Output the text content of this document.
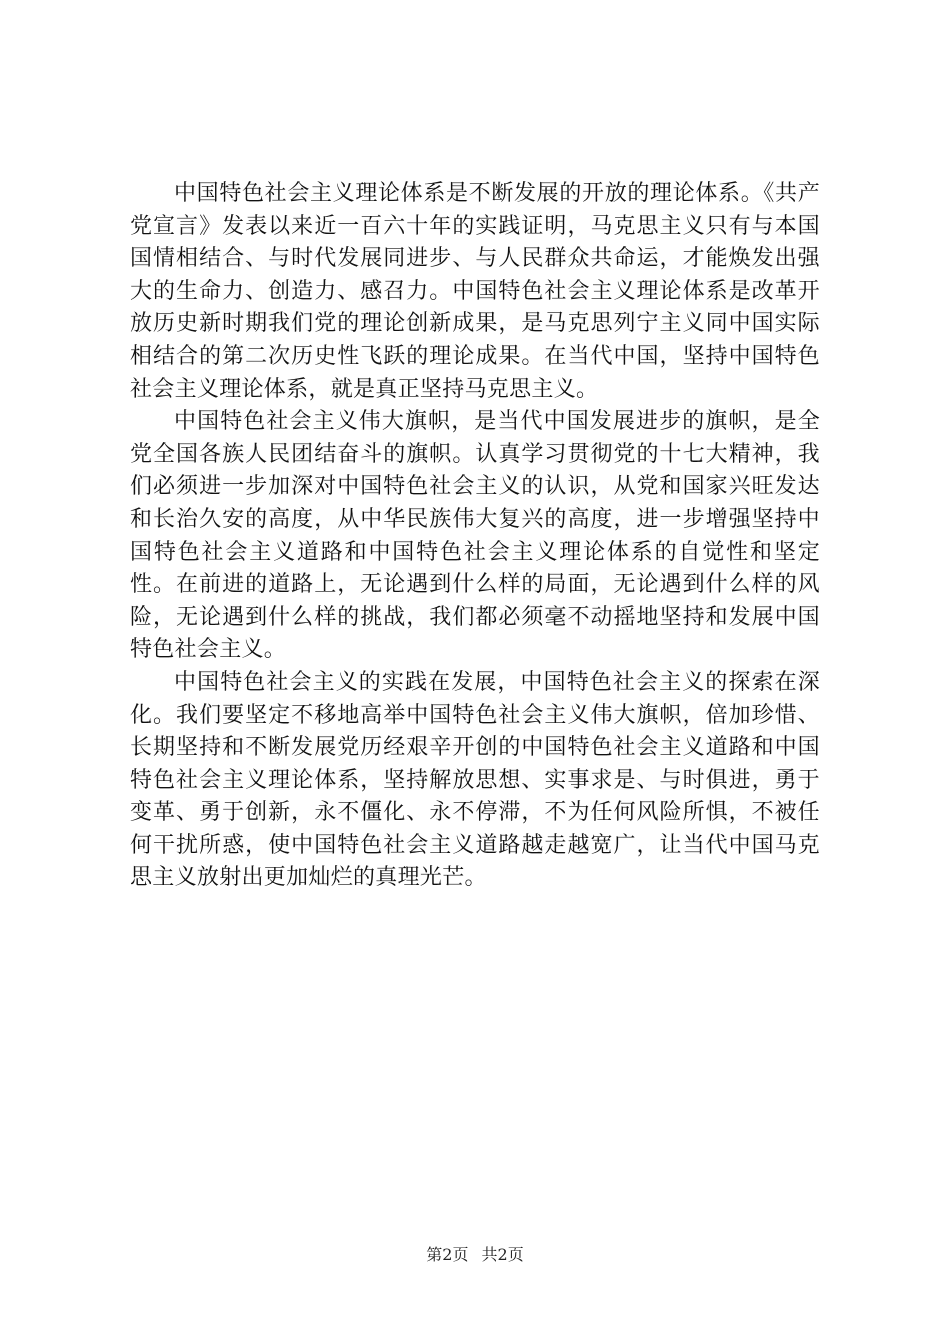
中国特色社会主义理论体系是不断发展的开放的理论体系。《共产党宣言》发表以来近一百六十年的实践证明，马克思主义只有与本国国情相结合、与时代发展同进步、与人民群众共命运，才能焕发出强大的生命力、创造力、感召力。中国特色社会主义理论体系是改革开放历史新时期我们党的理论创新成果，是马克思列宁主义同中国实际相结合的第二次历史性飞跃的理论成果。在当代中国，坚持中国特色社会主义理论体系，就是真正坚持马克思主义。

中国特色社会主义伟大旗帜，是当代中国发展进步的旗帜，是全党全国各族人民团结奋斗的旗帜。认真学习贯彻党的十七大精神，我们必须进一步加深对中国特色社会主义的认识，从党和国家兴旺发达和长治久安的高度，从中华民族伟大复兴的高度，进一步增强坚持中国特色社会主义道路和中国特色社会主义理论体系的自觉性和坚定性。在前进的道路上，无论遇到什么样的局面，无论遇到什么样的风险，无论遇到什么样的挑战，我们都必须毫不动摇地坚持和发展中国特色社会主义。

中国特色社会主义的实践在发展，中国特色社会主义的探索在深化。我们要坚定不移地高举中国特色社会主义伟大旗帜，倍加珍惜、长期坚持和不断发展党历经艰辛开创的中国特色社会主义道路和中国特色社会主义理论体系，坚持解放思想、实事求是、与时俱进，勇于变革、勇于创新，永不僵化、永不停滞，不为任何风险所惧，不被任何干扰所惑，使中国特色社会主义道路越走越宽广，让当代中国马克思主义放射出更加灿烂的真理光芒。

第2页 共2页
